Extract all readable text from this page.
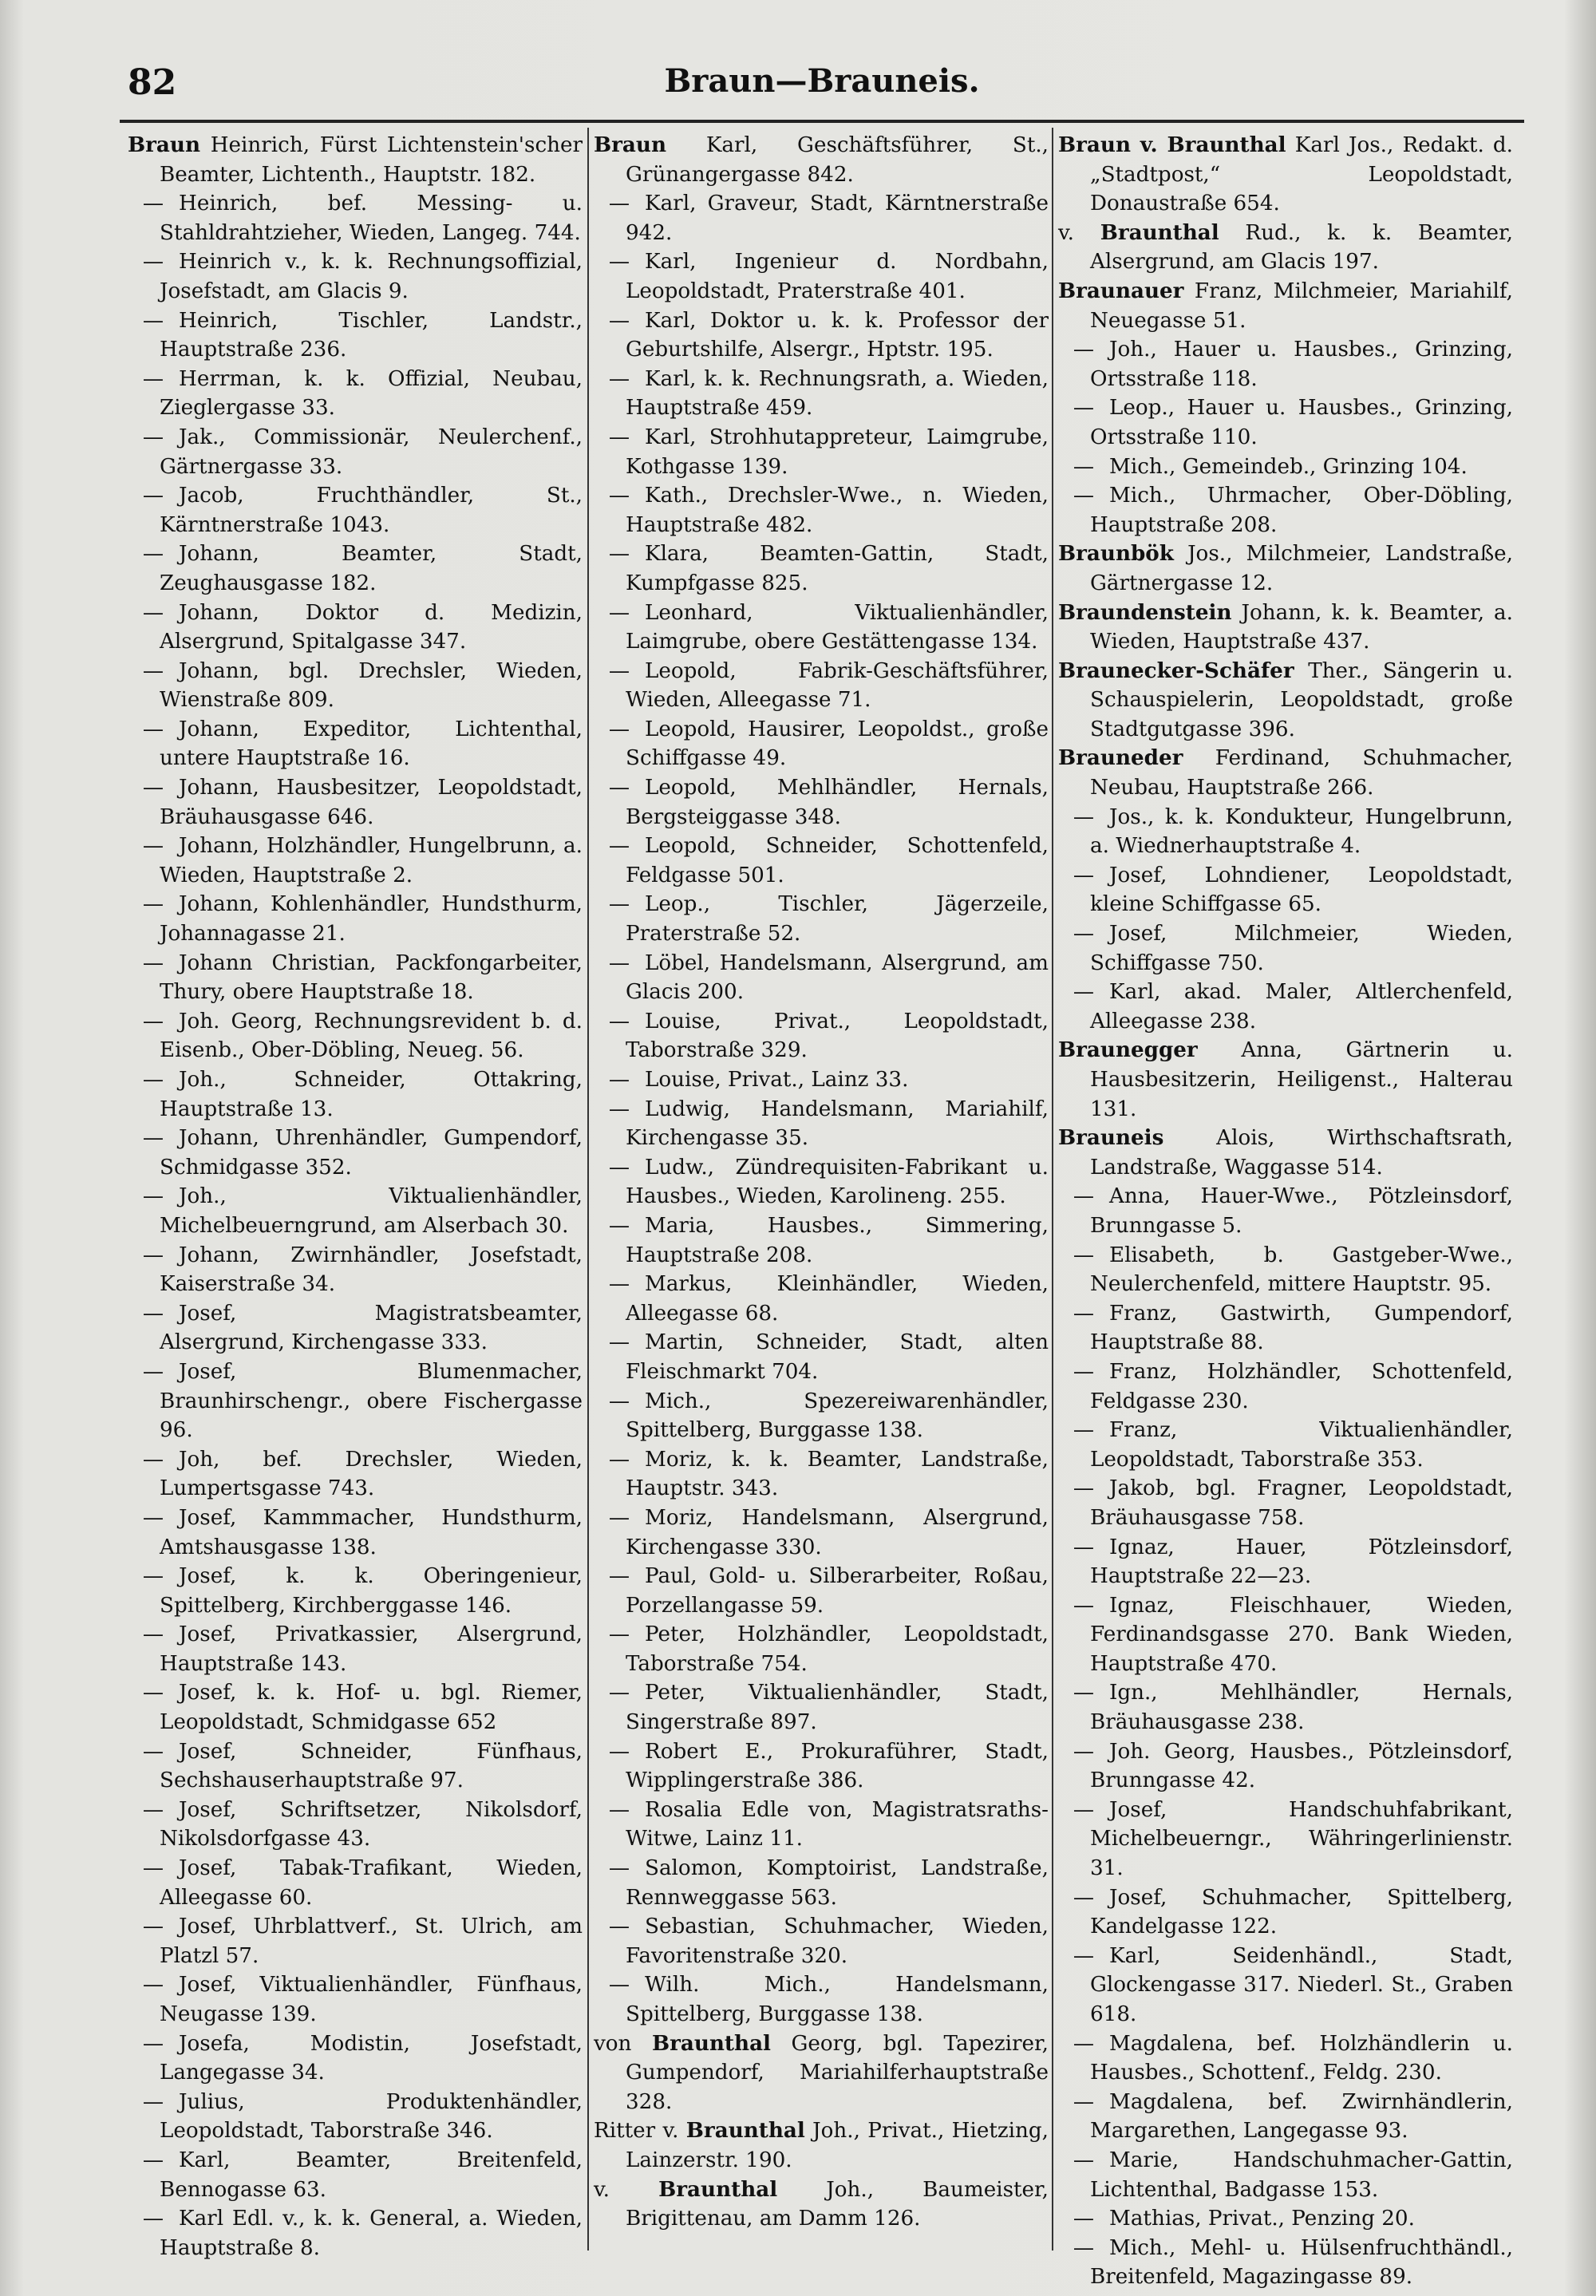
82	Braun—Brauneis.

Braun Heinrich, Fürst Lichtenstein'scher Beamter, Lichtenth., Hauptstr. 182.

— Heinrich, bef. Messing- u. Stahldrahtzieher, Wieden, Langeg. 744.

— Heinrich v., k. k. Rechnungsoffizial, Josefstadt, am Glacis 9.

— Heinrich, Tischler, Landstr., Hauptstraße 236.

— Herrman, k. k. Offizial, Neubau, Zieglergasse 33.

— Jak., Commissionär, Neulerchenf., Gärtnergasse 33.

— Jacob, Fruchthändler, St., Kärntnerstraße 1043.

— Johann, Beamter, Stadt, Zeughausgasse 182.

— Johann, Doktor d. Medizin, Alsergrund, Spitalgasse 347.

— Johann, bgl. Drechsler, Wieden, Wienstraße 809.

— Johann, Expeditor, Lichtenthal, untere Hauptstraße 16.

— Johann, Hausbesitzer, Leopoldstadt, Bräuhausgasse 646.

— Johann, Holzhändler, Hungelbrunn, a. Wieden, Hauptstraße 2.

— Johann, Kohlenhändler, Hundsthurm, Johannagasse 21.

— Johann Christian, Packfongarbeiter, Thury, obere Hauptstraße 18.

— Joh. Georg, Rechnungsrevident b. d. Eisenb., Ober-Döbling, Neueg. 56.

— Joh., Schneider, Ottakring, Hauptstraße 13.

— Johann, Uhrenhändler, Gumpendorf, Schmidgasse 352.

— Joh., Viktualienhändler, Michelbeuerngrund, am Alserbach 30.

— Johann, Zwirnhändler, Josefstadt, Kaiserstraße 34.

— Josef, Magistratsbeamter, Alsergrund, Kirchengasse 333.

— Josef, Blumenmacher, Braunhirschengr., obere Fischergasse 96.

— Joh, bef. Drechsler, Wieden, Lumpertsgasse 743.

— Josef, Kammmacher, Hundsthurm, Amtshausgasse 138.

— Josef, k. k. Oberingenieur, Spittelberg, Kirchberggasse 146.

— Josef, Privatkassier, Alsergrund, Hauptstraße 143.

— Josef, k. k. Hof- u. bgl. Riemer, Leopoldstadt, Schmidgasse 652

— Josef, Schneider, Fünfhaus, Sechshauserhauptstraße 97.

— Josef, Schriftsetzer, Nikolsdorf, Nikolsdorfgasse 43.

— Josef, Tabak-Trafikant, Wieden, Alleegasse 60.

— Josef, Uhrblattverf., St. Ulrich, am Platzl 57.

— Josef, Viktualienhändler, Fünfhaus, Neugasse 139.

— Josefa, Modistin, Josefstadt, Langegasse 34.

— Julius, Produktenhändler, Leopoldstadt, Taborstraße 346.

— Karl, Beamter, Breitenfeld, Bennogasse 63.

— Karl Edl. v., k. k. General, a. Wieden, Hauptstraße 8.

Braun Karl, Geschäftsführer, St., Grünangergasse 842.

— Karl, Graveur, Stadt, Kärntnerstraße 942.

— Karl, Ingenieur d. Nordbahn, Leopoldstadt, Praterstraße 401.

— Karl, Doktor u. k. k. Professor der Geburtshilfe, Alsergr., Hptstr. 195.

— Karl, k. k. Rechnungsrath, a. Wieden, Hauptstraße 459.

— Karl, Strohhutappreteur, Laimgrube, Kothgasse 139.

— Kath., Drechsler-Wwe., n. Wieden, Hauptstraße 482.

— Klara, Beamten-Gattin, Stadt, Kumpfgasse 825.

— Leonhard, Viktualienhändler, Laimgrube, obere Gestättengasse 134.

— Leopold, Fabrik-Geschäftsführer, Wieden, Alleegasse 71.

— Leopold, Hausirer, Leopoldst., große Schiffgasse 49.

— Leopold, Mehlhändler, Hernals, Bergsteiggasse 348.

— Leopold, Schneider, Schottenfeld, Feldgasse 501.

— Leop., Tischler, Jägerzeile, Praterstraße 52.

— Löbel, Handelsmann, Alsergrund, am Glacis 200.

— Louise, Privat., Leopoldstadt, Taborstraße 329.

— Louise, Privat., Lainz 33.

— Ludwig, Handelsmann, Mariahilf, Kirchengasse 35.

— Ludw., Zündrequisiten-Fabrikant u. Hausbes., Wieden, Karolineng. 255.

— Maria, Hausbes., Simmering, Hauptstraße 208.

— Markus, Kleinhändler, Wieden, Alleegasse 68.

— Martin, Schneider, Stadt, alten Fleischmarkt 704.

— Mich., Spezereiwarenhändler, Spittelberg, Burggasse 138.

— Moriz, k. k. Beamter, Landstraße, Hauptstr. 343.

— Moriz, Handelsmann, Alsergrund, Kirchengasse 330.

— Paul, Gold- u. Silberarbeiter, Roßau, Porzellangasse 59.

— Peter, Holzhändler, Leopoldstadt, Taborstraße 754.

— Peter, Viktualienhändler, Stadt, Singerstraße 897.

— Robert E., Prokuraführer, Stadt, Wipplingerstraße 386.

— Rosalia Edle von, Magistratsraths-Witwe, Lainz 11.

— Salomon, Komptoirist, Landstraße, Rennweggasse 563.

— Sebastian, Schuhmacher, Wieden, Favoritenstraße 320.

— Wilh. Mich., Handelsmann, Spittelberg, Burggasse 138.

von Braunthal Georg, bgl. Tapezirer, Gumpendorf, Mariahilferhauptstraße 328.

Ritter v. Braunthal Joh., Privat., Hietzing, Lainzerstr. 190.

v. Braunthal Joh., Baumeister, Brigittenau, am Damm 126.

Braun v. Braunthal Karl Jos., Redakt. d. „Stadtpost,“ Leopoldstadt, Donaustraße 654.

v. Braunthal Rud., k. k. Beamter, Alsergrund, am Glacis 197.

Braunauer Franz, Milchmeier, Mariahilf, Neuegasse 51.

— Joh., Hauer u. Hausbes., Grinzing, Ortsstraße 118.

— Leop., Hauer u. Hausbes., Grinzing, Ortsstraße 110.

— Mich., Gemeindeb., Grinzing 104.

— Mich., Uhrmacher, Ober-Döbling, Hauptstraße 208.

Braunbök Jos., Milchmeier, Landstraße, Gärtnergasse 12.

Braundenstein Johann, k. k. Beamter, a. Wieden, Hauptstraße 437.

Braunecker-Schäfer Ther., Sängerin u. Schauspielerin, Leopoldstadt, große Stadtgutgasse 396.

Brauneder Ferdinand, Schuhmacher, Neubau, Hauptstraße 266.

— Jos., k. k. Kondukteur, Hungelbrunn, a. Wiednerhauptstraße 4.

— Josef, Lohndiener, Leopoldstadt, kleine Schiffgasse 65.

— Josef, Milchmeier, Wieden, Schiffgasse 750.

— Karl, akad. Maler, Altlerchenfeld, Alleegasse 238.

Braunegger Anna, Gärtnerin u. Hausbesitzerin, Heiligenst., Halterau 131.

Brauneis	Alois, Wirthschaftsrath, Landstraße, Waggasse 514.

— Anna, Hauer-Wwe., Pötzleinsdorf, Brunngasse 5.

— Elisabeth, b. Gastgeber-Wwe., Neulerchenfeld, mittere Hauptstr. 95.

— Franz, Gastwirth, Gumpendorf, Hauptstraße 88.

— Franz, Holzhändler, Schottenfeld, Feldgasse 230.

— Franz, Viktualienhändler, Leopoldstadt, Taborstraße 353.

— Jakob, bgl. Fragner, Leopoldstadt, Bräuhausgasse 758.

— Ignaz, Hauer, Pötzleinsdorf, Hauptstraße 22—23.

— Ignaz, Fleischhauer, Wieden, Ferdinandsgasse 270. Bank Wieden, Hauptstraße 470.

— Ign., Mehlhändler, Hernals, Bräuhausgasse 238.

— Joh. Georg, Hausbes., Pötzleinsdorf, Brunngasse 42.

— Josef, Handschuhfabrikant, Michelbeuerngr., Währingerlinienstr. 31.

— Josef, Schuhmacher, Spittelberg, Kandelgasse 122.

— Karl, Seidenhändl., Stadt, Glockengasse 317. Niederl. St., Graben 618.

— Magdalena, bef. Holzhändlerin u. Hausbes., Schottenf., Feldg. 230.

— Magdalena, bef. Zwirnhändlerin, Margarethen, Langegasse 93.

— Marie, Handschuhmacher-Gattin, Lichtenthal, Badgasse 153.

— Mathias, Privat., Penzing 20.

— Mich., Mehl- u. Hülsenfruchthändl., Breitenfeld, Magazingasse 89.
